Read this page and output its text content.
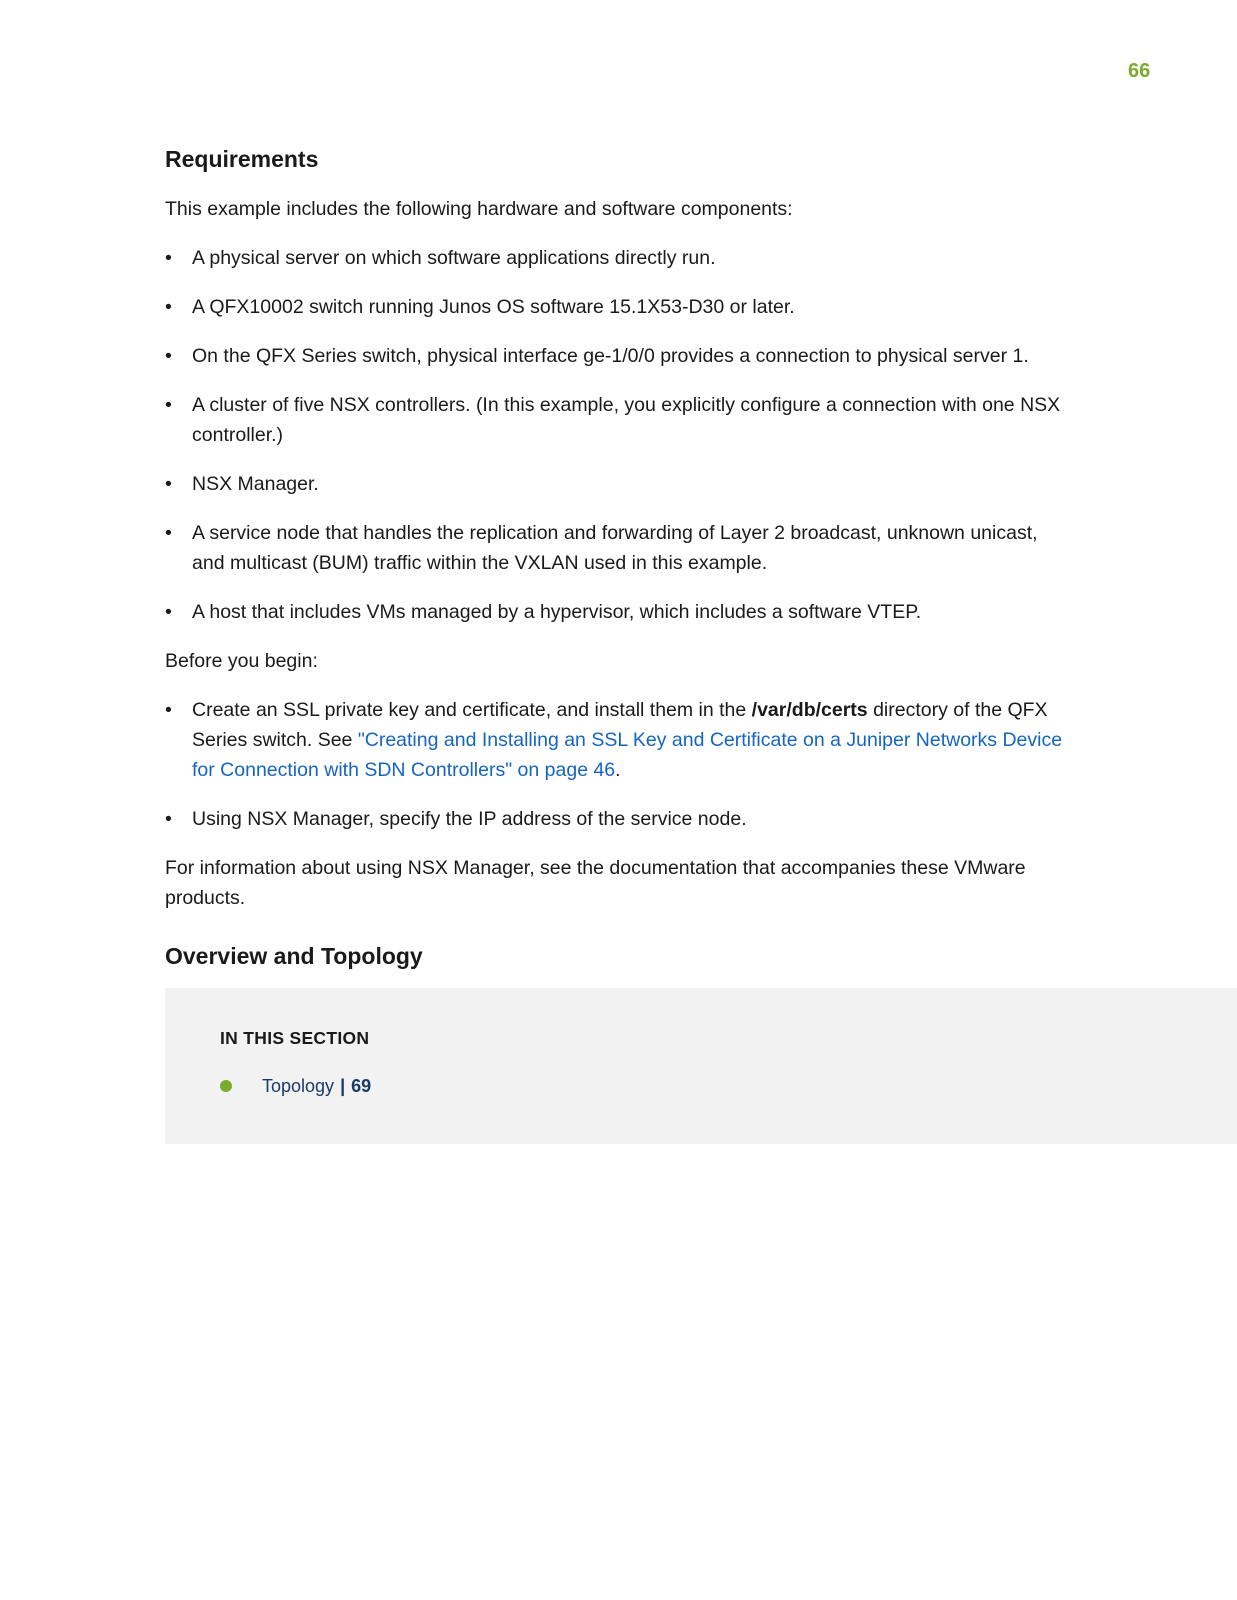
66
Requirements

This example includes the following hardware and software components:

•	A physical server on which software applications directly run.
•	A QFX10002 switch running Junos OS software 15.1X53-D30 or later.
•	On the QFX Series switch, physical interface ge-1/0/0 provides a connection to physical server 1.
•	A cluster of five NSX controllers. (In this example, you explicitly configure a connection with one NSX controller.)
•	NSX Manager.
•	A service node that handles the replication and forwarding of Layer 2 broadcast, unknown unicast, and multicast (BUM) traffic within the VXLAN used in this example.
•	A host that includes VMs managed by a hypervisor, which includes a software VTEP.

Before you begin:

•	Create an SSL private key and certificate, and install them in the /var/db/certs directory of the QFX Series switch. See "Creating and Installing an SSL Key and Certificate on a Juniper Networks Device for Connection with SDN Controllers" on page 46.
•	Using NSX Manager, specify the IP address of the service node.

For information about using NSX Manager, see the documentation that accompanies these VMware products.

Overview and Topology
IN THIS SECTION
Topology | 69
